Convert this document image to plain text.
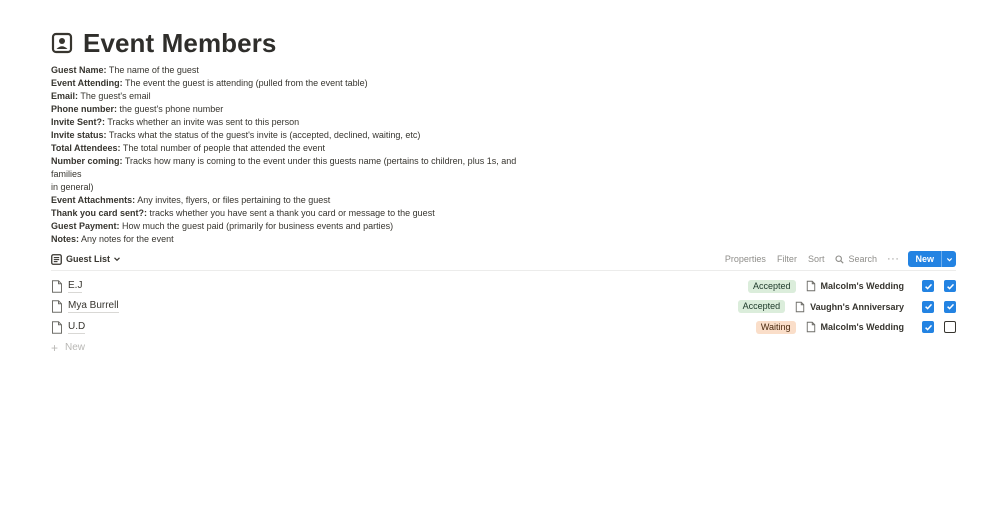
Event Members
Guest Name: The name of the guest
Event Attending: The event the guest is attending (pulled from the event table)
Email: The guest's email
Phone number: the guest's phone number
Invite Sent?: Tracks whether an invite was sent to this person
Invite status: Tracks what the status of the guest's invite is (accepted, declined, waiting, etc)
Total Attendees: The total number of people that attended the event
Number coming: Tracks how many is coming to the event under this guests name (pertains to children, plus 1s, and families
in general)
Event Attachments: Any invites, flyers, or files pertaining to the guest
Thank you card sent?: tracks whether you have sent a thank you card or message to the guest
Guest Payment: How much the guest paid (primarily for business events and parties)
Notes: Any notes for the event
Guest List	Properties Filter Sort	Search ···	New
E.J	Accepted	Malcolm's Wedding
Mya Burrell	Accepted	Vaughn's Anniversary
U.D	Waiting	Malcolm's Wedding
+ New
